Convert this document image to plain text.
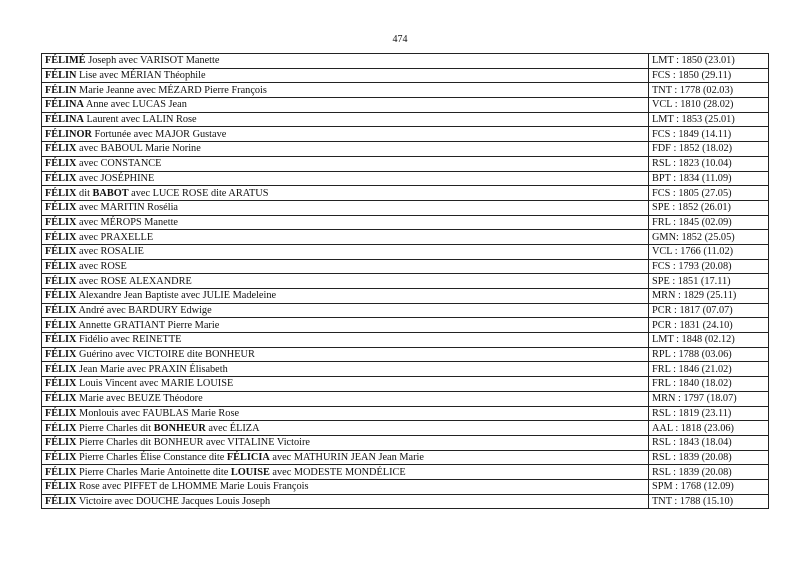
474
FÉLIMÉ Joseph avec VARISOT Manette	LMT : 1850 (23.01)
FÉLIN Lise avec MÉRIAN Théophile	FCS : 1850 (29.11)
FÉLIN Marie Jeanne avec MÉZARD Pierre François	TNT : 1778 (02.03)
FÉLINA Anne avec LUCAS Jean	VCL : 1810 (28.02)
FÉLINA Laurent avec LALIN Rose	LMT : 1853 (25.01)
FÉLINOR Fortunée avec MAJOR Gustave	FCS : 1849 (14.11)
FÉLIX avec BABOUL Marie Norine	FDF : 1852 (18.02)
FÉLIX avec CONSTANCE	RSL : 1823 (10.04)
FÉLIX avec JOSÉPHINE	BPT : 1834 (11.09)
FÉLIX dit BABOT avec LUCE ROSE dite ARATUS	FCS : 1805 (27.05)
FÉLIX avec MARITIN Rosélia	SPE : 1852 (26.01)
FÉLIX avec MÉROPS Manette	FRL : 1845 (02.09)
FÉLIX avec PRAXELLE	GMN: 1852 (25.05)
FÉLIX avec ROSALIE	VCL : 1766 (11.02)
FÉLIX avec ROSE	FCS : 1793 (20.08)
FÉLIX avec ROSE ALEXANDRE	SPE : 1851 (17.11)
FÉLIX Alexandre Jean Baptiste avec JULIE Madeleine	MRN : 1829 (25.11)
FÉLIX André avec BARDURY Edwige	PCR : 1817 (07.07)
FÉLIX Annette GRATIANT Pierre Marie	PCR : 1831 (24.10)
FÉLIX Fidélio avec REINETTE	LMT : 1848 (02.12)
FÉLIX Guérino avec VICTOIRE dite BONHEUR	RPL : 1788 (03.06)
FÉLIX Jean Marie avec PRAXIN Élisabeth	FRL : 1846 (21.02)
FÉLIX Louis Vincent avec MARIE LOUISE	FRL : 1840 (18.02)
FÉLIX Marie avec BEUZE Théodore	MRN : 1797 (18.07)
FÉLIX Monlouis avec FAUBLAS Marie Rose	RSL : 1819 (23.11)
FÉLIX Pierre Charles dit BONHEUR avec ÉLIZA	AAL : 1818 (23.06)
FÉLIX Pierre Charles dit BONHEUR avec VITALINE Victoire	RSL : 1843 (18.04)
FÉLIX Pierre Charles Élise Constance dite FÉLICIA avec MATHURIN JEAN Jean Marie	RSL : 1839 (20.08)
FÉLIX Pierre Charles Marie Antoinette dite LOUISE avec MODESTE MONDÉLICE	RSL : 1839 (20.08)
FÉLIX Rose avec PIFFET de LHOMME Marie Louis François	SPM : 1768 (12.09)
FÉLIX Victoire avec DOUCHE Jacques Louis Joseph	TNT : 1788 (15.10)
